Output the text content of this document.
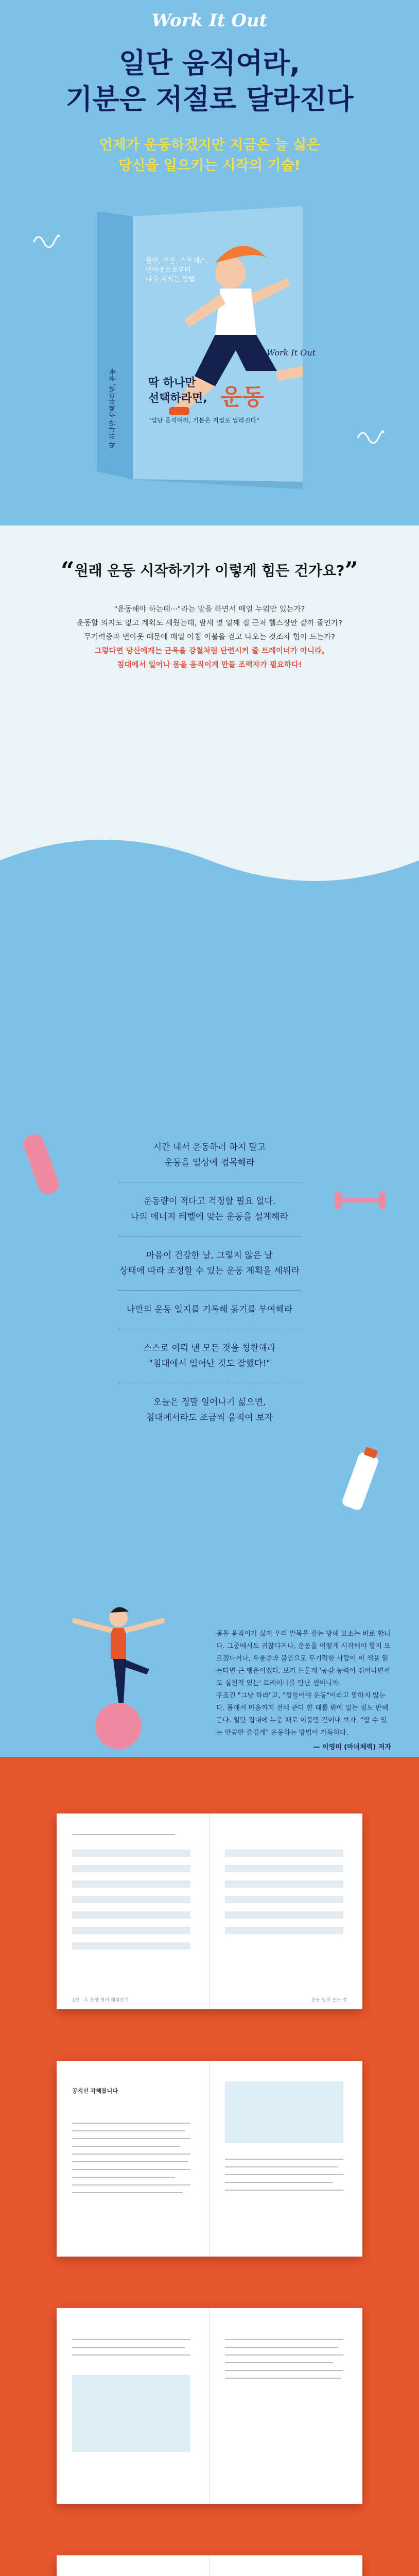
Work It Out
일단 움직여라,
기분은 저절로 달라진다
언제가 운동하겠지만 지금은 늘 싫은
당신을 일으키는 시작의 기술!
Work It Out
딱 하나만
선택하라면, 운동
"일단 움직여라, 기분은 저절로 달라진다"
불안, 우울, 스트레스, 번아웃으로부터 나를 지키는 방법
딱 하나만 선택하라면, 운동
“원래 운동 시작하기가 이렇게 힘든 건가요?”
"운동해야 하는데···"라는 말을 하면서 매일 누워만 있는가?
운동할 의지도 없고 계획도 세웠는데, 밤새 몇 일째 집 근처 헬스장만 갈까 줄인가?
무기력증과 번아웃 때문에 매일 아침 이불을 걷고 나오는 것조차 힘이 드는가?
그렇다면 당신에게는 근육을 강철처럼 단련시켜 줄 트레이너가 아니라,
침대에서 일어나 몸을 움직이게 만들 조력자가 필요하다!
시간 내서 운동하러 하지 말고
운동을 일상에 접목해라
운동량이 적다고 걱정할 필요 없다.
나의 에너지 레벨에 맞는 운동을 설계해라
마음이 건강한 날, 그렇지 않은 날
상태에 따라 조정할 수 있는 운동 계획을 세워라
나만의 운동 일지를 기록해 동기를 부여해라
스스로 이뤄 낸 모든 것을 칭찬해라
"침대에서 일어난 것도 잘했다!"
오늘은 정말 일어나기 싫으면,
침대에서라도 조금씩 움직여 보자
몸을 움직이기 싫게 우리 발목을 잡는 방해 요소는 바로 합니다. 그중에서도 귀찮다거나, 운동을 어떻게 시작해야 할지 모르겠다거나, 우울증과 불안으로 무기력한 사람이 이 책을 읽는다면 큰 행운이겠다. 보기 드물게 '공감 능력이 뛰어나면서도 실천적 있는' 트레이너를 만난 셈이니까.
무조건 "그냥 하라"고, "힘들어야 운동"이라고 말하지 않는다. 몸에서 마음까지 전해 준다 한 데를 밖에 없는 점도 반해 든다. 일단 집대에 누운 채로 이불만 걷어내 보자. "할 수 있는 만큼만 즐겁게" 운동하는 방법이 가득하다.
— 이영미 (마녀체력) 저자
1장 · 두 문장 영어 헤쳐보기	운동 일지 쓰는 법
공지선 각해봅니다
